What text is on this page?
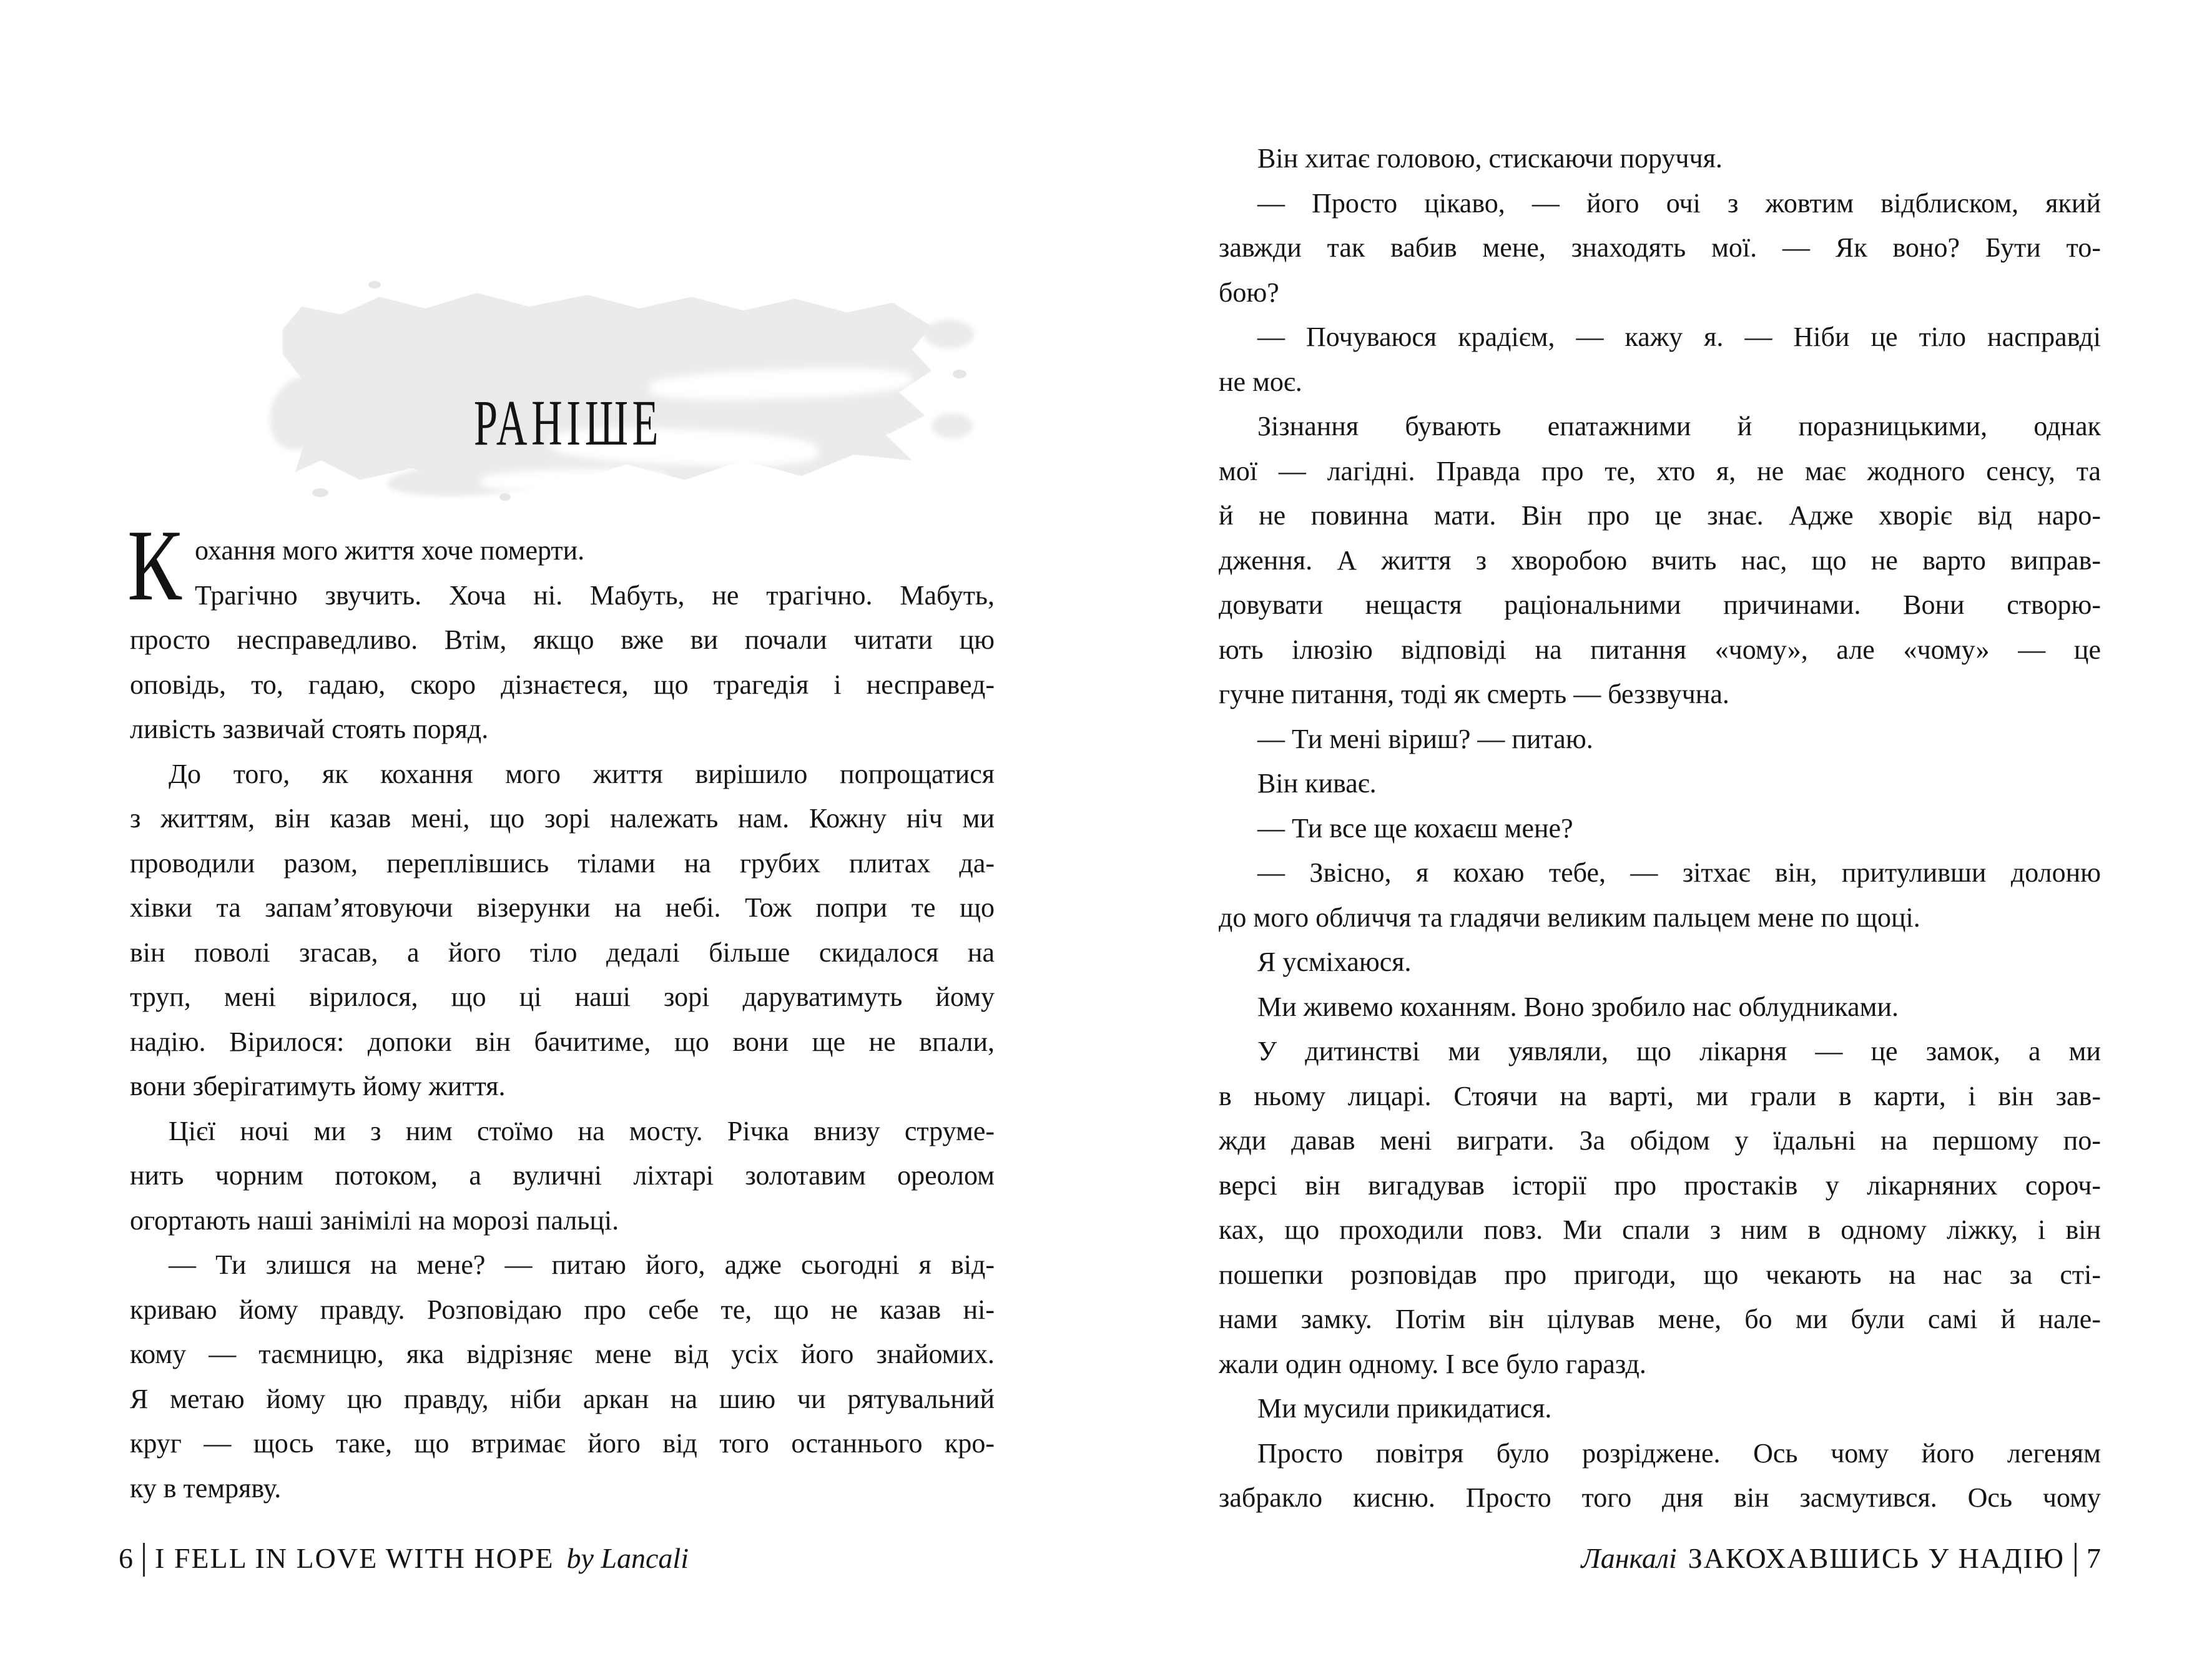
РАНІШЕ
К охання мого життя хоче померти.
Трагічно звучить. Хоча ні. Мабуть, не трагічно. Мабуть,
просто несправедливо. Втім, якщо вже ви почали читати цю
оповідь, то, гадаю, скоро дізнаєтеся, що трагедія і несправед-
ливість зазвичай стоять поряд.
До того, як кохання мого життя вирішило попрощатися
з життям, він казав мені, що зорі належать нам. Кожну ніч ми
проводили разом, переплівшись тілами на грубих плитах да-
хівки та запам’ятовуючи візерунки на небі. Тож попри те що
він поволі згасав, а його тіло дедалі більше скидалося на
труп, мені вірилося, що ці наші зорі даруватимуть йому
надію. Вірилося: допоки він бачитиме, що вони ще не впали,
вони зберігатимуть йому життя.
Цієї ночі ми з ним стоїмо на мосту. Річка внизу струме-
нить чорним потоком, а вуличні ліхтарі золотавим ореолом
огортають наші занімілі на морозі пальці.
— Ти злишся на мене? — питаю його, адже сьогодні я від-
криваю йому правду. Розповідаю про себе те, що не казав ні-
кому — таємницю, яка відрізняє мене від усіх його знайомих.
Я метаю йому цю правду, ніби аркан на шию чи рятувальний
круг — щось таке, що втримає його від того останнього кро-
ку в темряву.
6 I FELL IN LOVE WITH HOPE by Lancali
Він хитає головою, стискаючи поруччя.
— Просто цікаво, — його очі з жовтим відблиском, який
завжди так вабив мене, знаходять мої. — Як воно? Бути то-
бою?
— Почуваюся крадієм, — кажу я. — Ніби це тіло насправді
не моє.
Зізнання бувають епатажними й поразницькими, однак
мої — лагідні. Правда про те, хто я, не має жодного сенсу, та
й не повинна мати. Він про це знає. Адже хворіє від наро-
дження. А життя з хворобою вчить нас, що не варто виправ-
довувати нещастя раціональними причинами. Вони створю-
ють ілюзію відповіді на питання «чому», але «чому» — це
гучне питання, тоді як смерть — беззвучна.
— Ти мені віриш? — питаю.
Він киває.
— Ти все ще кохаєш мене?
— Звісно, я кохаю тебе, — зітхає він, притуливши долоню
до мого обличчя та гладячи великим пальцем мене по щоці.
Я усміхаюся.
Ми живемо коханням. Воно зробило нас облудниками.
У дитинстві ми уявляли, що лікарня — це замок, а ми
в ньому лицарі. Стоячи на варті, ми грали в карти, і він зав-
жди давав мені виграти. За обідом у їдальні на першому по-
версі він вигадував історії про простаків у лікарняних сороч-
ках, що проходили повз. Ми спали з ним в одному ліжку, і він
пошепки розповідав про пригоди, що чекають на нас за сті-
нами замку. Потім він цілував мене, бо ми були самі й нале-
жали один одному. І все було гаразд.
Ми мусили прикидатися.
Просто повітря було розріджене. Ось чому його легеням
забракло кисню. Просто того дня він засмутився. Ось чому
Ланкалі ЗАКОХАВШИСЬ У НАДІЮ 7
